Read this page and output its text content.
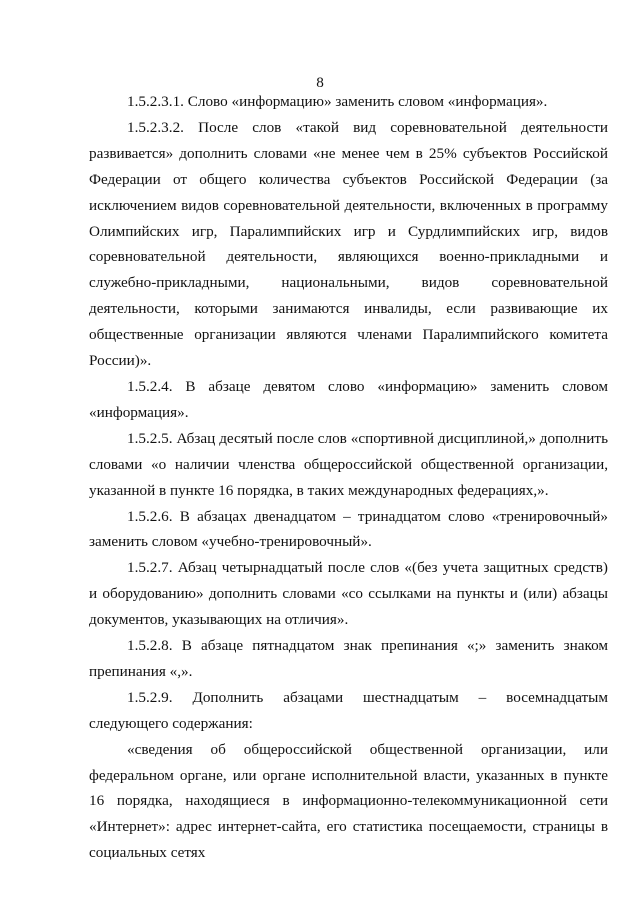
8

1.5.2.3.1. Слово «информацию» заменить словом «информация».

1.5.2.3.2. После слов «такой вид соревновательной деятельности развивается» дополнить словами «не менее чем в 25% субъектов Российской Федерации от общего количества субъектов Российской Федерации (за исключением видов соревновательной деятельности, включенных в программу Олимпийских игр, Паралимпийских игр и Сурдлимпийских игр, видов соревновательной деятельности, являющихся военно-прикладными и служебно-прикладными, национальными, видов соревновательной деятельности, которыми занимаются инвалиды, если развивающие их общественные организации являются членами Паралимпийского комитета России)».

1.5.2.4. В абзаце девятом слово «информацию» заменить словом «информация».

1.5.2.5. Абзац десятый после слов «спортивной дисциплиной,» дополнить словами «о наличии членства общероссийской общественной организации, указанной в пункте 16 порядка, в таких международных федерациях,».

1.5.2.6. В абзацах двенадцатом – тринадцатом слово «тренировочный» заменить словом «учебно-тренировочный».

1.5.2.7. Абзац четырнадцатый после слов «(без учета защитных средств) и оборудованию» дополнить словами «со ссылками на пункты и (или) абзацы документов, указывающих на отличия».

1.5.2.8. В абзаце пятнадцатом знак препинания «;» заменить знаком препинания «,».

1.5.2.9. Дополнить абзацами шестнадцатым – восемнадцатым следующего содержания:

«сведения об общероссийской общественной организации, или федеральном органе, или органе исполнительной власти, указанных в пункте 16 порядка, находящиеся в информационно-телекоммуникационной сети «Интернет»: адрес интернет-сайта, его статистика посещаемости, страницы в социальных сетях
